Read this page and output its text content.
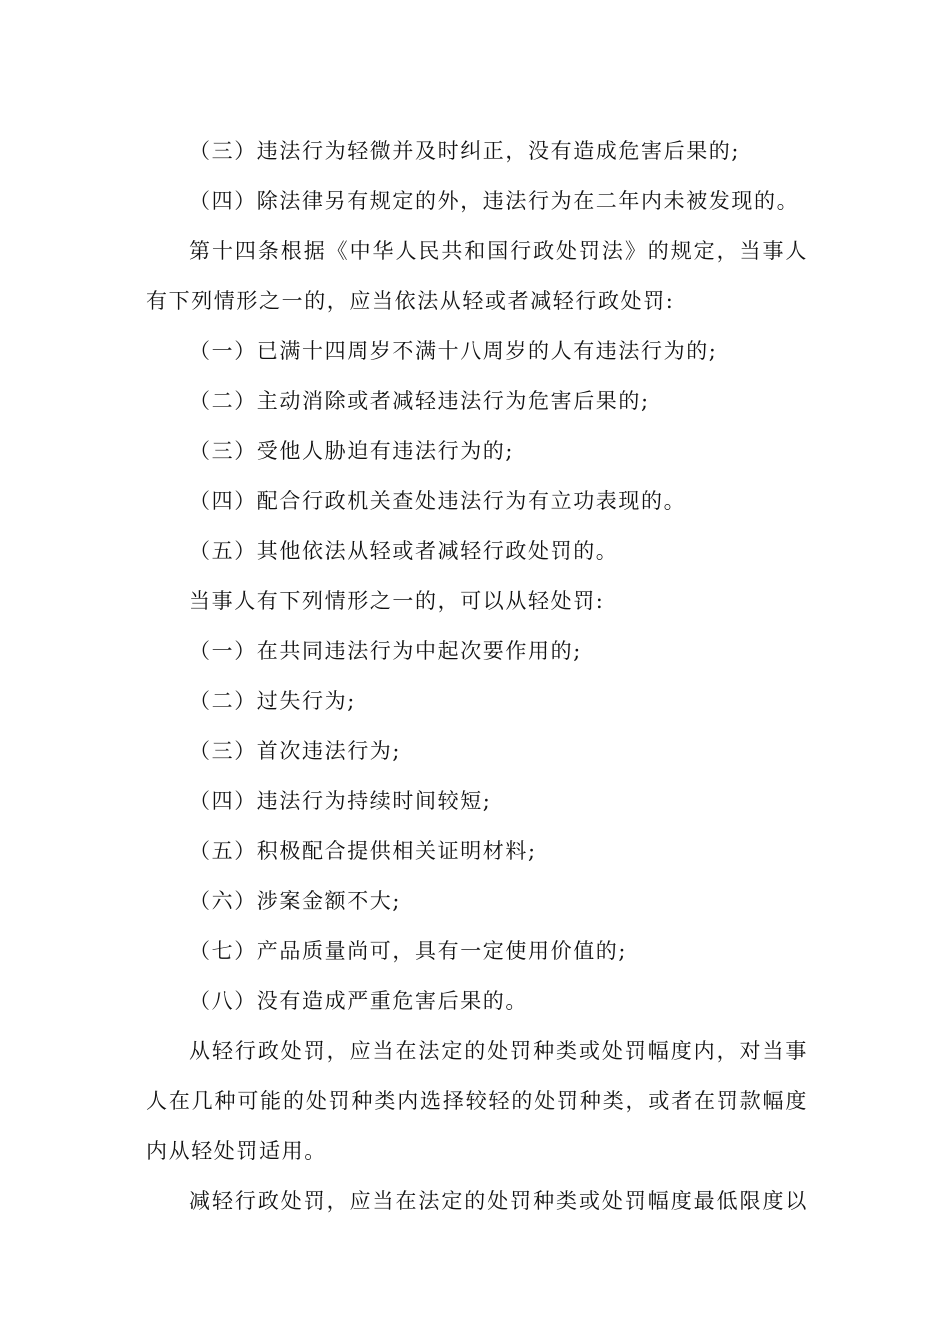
（三）违法行为轻微并及时纠正，没有造成危害后果的;
（四）除法律另有规定的外，违法行为在二年内未被发现的。
第十四条根据《中华人民共和国行政处罚法》的规定，当事人
有下列情形之一的，应当依法从轻或者减轻行政处罚:
（一）已满十四周岁不满十八周岁的人有违法行为的;
（二）主动消除或者减轻违法行为危害后果的;
（三）受他人胁迫有违法行为的;
（四）配合行政机关查处违法行为有立功表现的。
（五）其他依法从轻或者减轻行政处罚的。
当事人有下列情形之一的，可以从轻处罚:
（一）在共同违法行为中起次要作用的;
（二）过失行为;
（三）首次违法行为;
（四）违法行为持续时间较短;
（五）积极配合提供相关证明材料;
（六）涉案金额不大;
（七）产品质量尚可，具有一定使用价值的;
（八）没有造成严重危害后果的。
从轻行政处罚，应当在法定的处罚种类或处罚幅度内，对当事
人在几种可能的处罚种类内选择较轻的处罚种类，或者在罚款幅度
内从轻处罚适用。
减轻行政处罚，应当在法定的处罚种类或处罚幅度最低限度以
